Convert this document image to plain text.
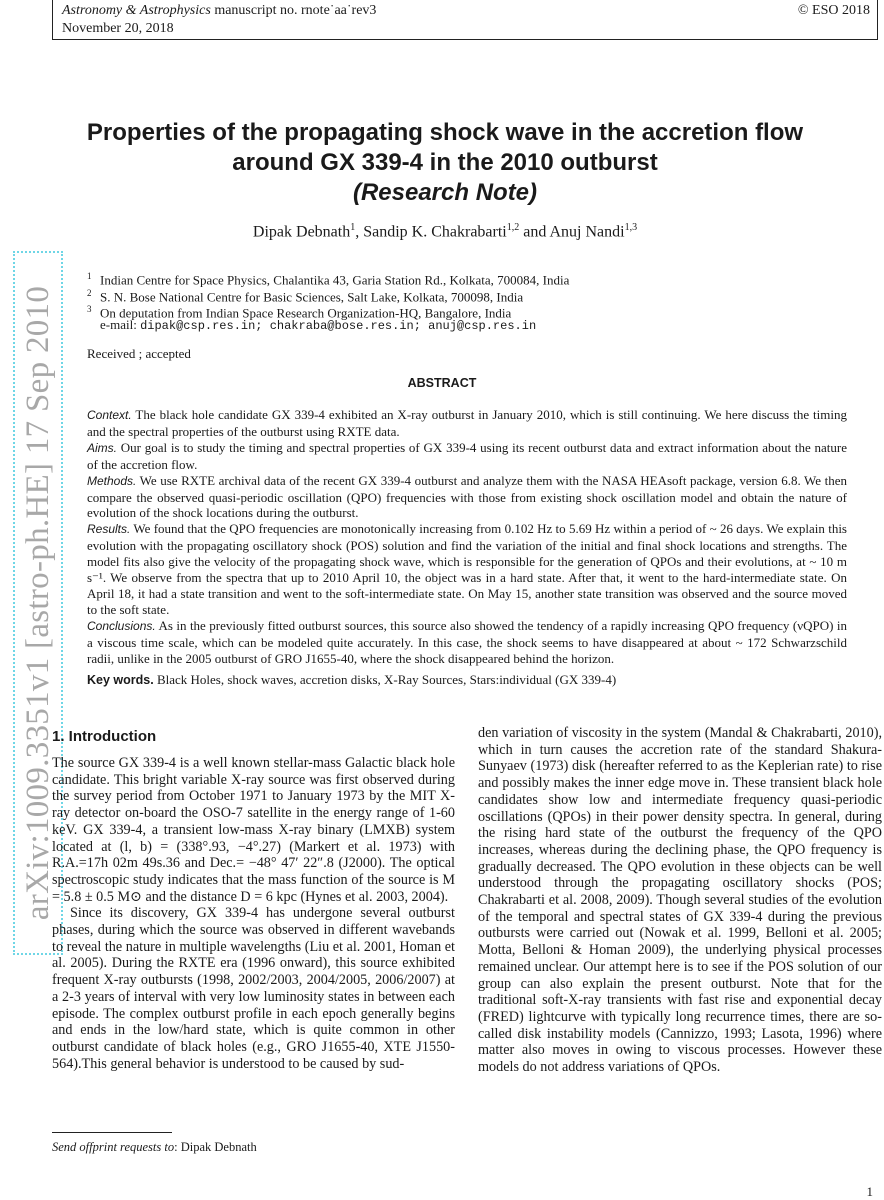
Astronomy & Astrophysics manuscript no. rnote˙aa˙rev3
November 20, 2018
© ESO 2018
arXiv:1009.3351v1 [astro-ph.HE] 17 Sep 2010
Properties of the propagating shock wave in the accretion flow
around GX 339-4 in the 2010 outburst
(Research Note)
Dipak Debnath$^1$, Sandip K. Chakrabarti$^{1,2}$ and Anuj Nandi$^{1,3}$
$^1$ Indian Centre for Space Physics, Chalantika 43, Garia Station Rd., Kolkata, 700084, India
$^2$ S. N. Bose National Centre for Basic Sciences, Salt Lake, Kolkata, 700098, India
$^3$ On deputation from Indian Space Research Organization-HQ, Bangalore, India
e-mail: dipak@csp.res.in; chakraba@bose.res.in; anuj@csp.res.in
Received ; accepted
ABSTRACT

Context. The black hole candidate GX 339-4 exhibited an X-ray outburst in January 2010, which is still continuing. We here discuss the timing and the spectral properties of the outburst using RXTE data.

Aims. Our goal is to study the timing and spectral properties of GX 339-4 using its recent outburst data and extract information about the nature of the accretion flow.

Methods. We use RXTE archival data of the recent GX 339-4 outburst and analyze them with the NASA HEAsoft package, version 6.8. We then compare the observed quasi-periodic oscillation (QPO) frequencies with those from existing shock oscillation model and obtain the nature of evolution of the shock locations during the outburst.

Results. We found that the QPO frequencies are monotonically increasing from 0.102 Hz to 5.69 Hz within a period of ~ 26 days. We explain this evolution with the propagating oscillatory shock (POS) solution and find the variation of the initial and final shock locations and strengths. The model fits also give the velocity of the propagating shock wave, which is responsible for the generation of QPOs and their evolutions, at ~ 10 m s⁻¹. We observe from the spectra that up to 2010 April 10, the object was in a hard state. After that, it went to the hard-intermediate state. On April 18, it had a state transition and went to the soft-intermediate state. On May 15, another state transition was observed and the source moved to the soft state.

Conclusions. As in the previously fitted outburst sources, this source also showed the tendency of a rapidly increasing QPO frequency (νQPO) in a viscous time scale, which can be modeled quite accurately. In this case, the shock seems to have disappeared at about ~ 172 Schwarzschild radii, unlike in the 2005 outburst of GRO J1655-40, where the shock disappeared behind the horizon.

Key words. Black Holes, shock waves, accretion disks, X-Ray Sources, Stars:individual (GX 339-4)
1. Introduction

The source GX 339-4 is a well known stellar-mass Galactic black hole candidate. This bright variable X-ray source was first observed during the survey period from October 1971 to January 1973 by the MIT X-ray detector on-board the OSO-7 satellite in the energy range of 1-60 keV. GX 339-4, a transient low-mass X-ray binary (LMXB) system located at (l, b) = (338°.93, −4°.27) (Markert et al. 1973) with R.A.=17h 02m 49s.36 and Dec.= −48° 47′ 22″.8 (J2000). The optical spectroscopic study indicates that the mass function of the source is M = 5.8 ± 0.5 M⊙ and the distance D = 6 kpc (Hynes et al. 2003, 2004).

Since its discovery, GX 339-4 has undergone several outburst phases, during which the source was observed in different wavebands to reveal the nature in multiple wavelengths (Liu et al. 2001, Homan et al. 2005). During the RXTE era (1996 onward), this source exhibited frequent X-ray outbursts (1998, 2002/2003, 2004/2005, 2006/2007) at a 2-3 years of interval with very low luminosity states in between each episode. The complex outburst profile in each epoch generally begins and ends in the low/hard state, which is quite common in other outburst candidate of black holes (e.g., GRO J1655-40, XTE J1550-564).This general behavior is understood to be caused by sud-

den variation of viscosity in the system (Mandal & Chakrabarti, 2010), which in turn causes the accretion rate of the standard Shakura-Sunyaev (1973) disk (hereafter referred to as the Keplerian rate) to rise and possibly makes the inner edge move in. These transient black hole candidates show low and intermediate frequency quasi-periodic oscillations (QPOs) in their power density spectra. In general, during the rising hard state of the outburst the frequency of the QPO increases, whereas during the declining phase, the QPO frequency is gradually decreased. The QPO evolution in these objects can be well understood through the propagating oscillatory shocks (POS; Chakrabarti et al. 2008, 2009). Though several studies of the evolution of the temporal and spectral states of GX 339-4 during the previous outbursts were carried out (Nowak et al. 1999, Belloni et al. 2005; Motta, Belloni & Homan 2009), the underlying physical processes remained unclear. Our attempt here is to see if the POS solution of our group can also explain the present outburst. Note that for the traditional soft-X-ray transients with fast rise and exponential decay (FRED) lightcurve with typically long recurrence times, there are so-called disk instability models (Cannizzo, 1993; Lasota, 1996) where matter also moves in owing to viscous processes. However these models do not address variations of QPOs.

Send offprint requests to: Dipak Debnath
1
